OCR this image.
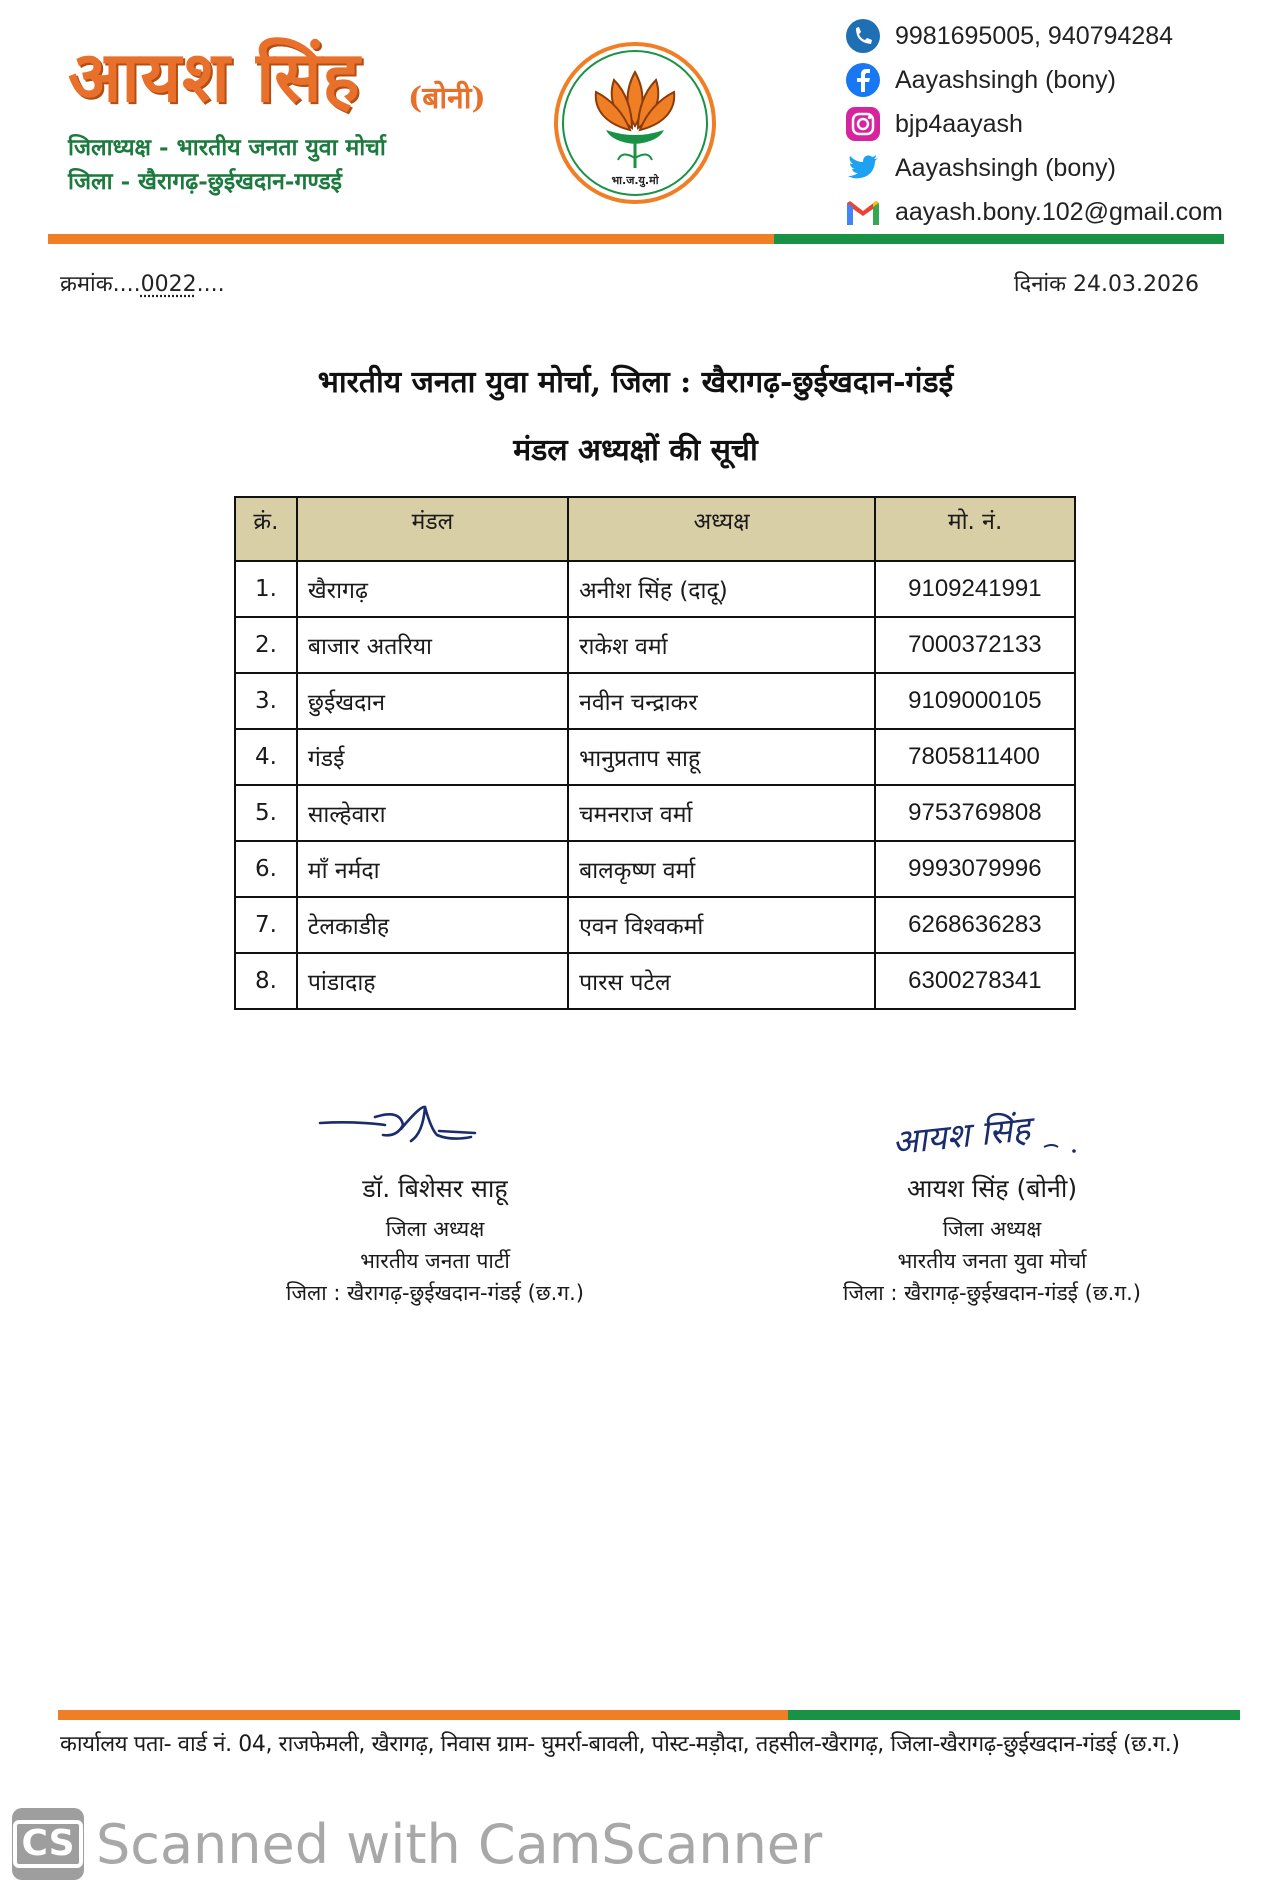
आयश सिंह (बोनी)
जिलाध्यक्ष - भारतीय जनता युवा मोर्चा
जिला - खैरागढ़-छुईखदान-गण्डई	भा.ज.यु.मो
9981695005, 940794284
Aayashsingh (bony)
bjp4aayash
Aayashsingh (bony)
aayash.bony.102@gmail.com
क्रमांक....0022....	दिनांक 24.03.2026
भारतीय जनता युवा मोर्चा, जिला : खैरागढ़-छुईखदान-गंडई
मंडल अध्यक्षों की सूची
क्रं.	मंडल	अध्यक्ष	मो. नं.
1.	खैरागढ़	अनीश सिंह (दादू)	9109241991
2.	बाजार अतरिया	राकेश वर्मा	7000372133
3.	छुईखदान	नवीन चन्द्राकर	9109000105
4.	गंडई	भानुप्रताप साहू	7805811400
5.	साल्हेवारा	चमनराज वर्मा	9753769808
6.	माँ नर्मदा	बालकृष्ण वर्मा	9993079996
7.	टेलकाडीह	एवन विश्वकर्मा	6268636283
8.	पांडादाह	पारस पटेल	6300278341
डॉ. बिशेसर साहू
जिला अध्यक्ष
भारतीय जनता पार्टी
जिला : खैरागढ़-छुईखदान-गंडई (छ.ग.)
आयश सिंह
आयश सिंह (बोनी)
जिला अध्यक्ष
भारतीय जनता युवा मोर्चा
जिला : खैरागढ़-छुईखदान-गंडई (छ.ग.)
कार्यालय पता- वार्ड नं. 04, राजफेमली, खैरागढ़, निवास ग्राम- घुमर्रा-बावली, पोस्ट-मड़ौदा, तहसील-खैरागढ़, जिला-खैरागढ़-छुईखदान-गंडई (छ.ग.)
CS Scanned with CamScanner
